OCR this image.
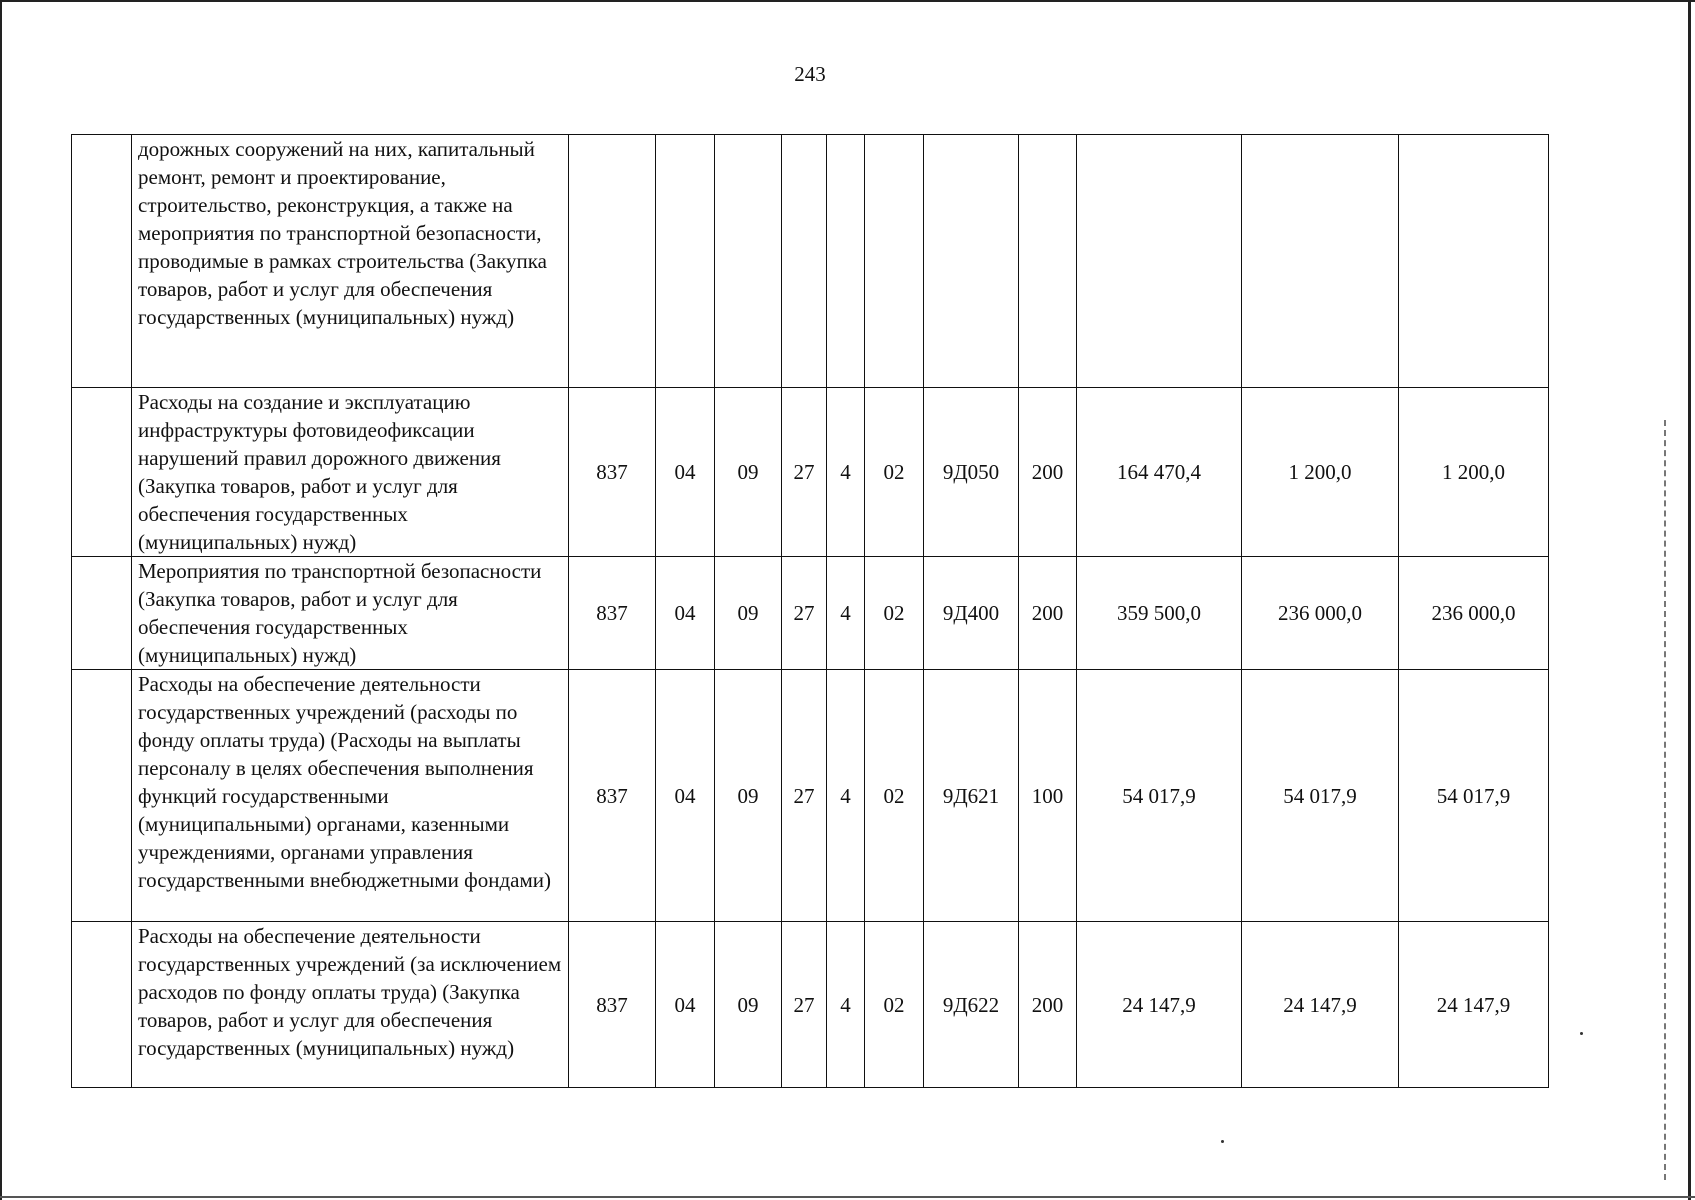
243

	дорожных сооружений на них, капитальный ремонт, ремонт и проектирование, строительство, реконструкция, а также на мероприятия по транспортной безопасности, проводимые в рамках строительства (Закупка товаров, работ и услуг для обеспечения государственных (муниципальных) нужд)											

	Расходы на создание и эксплуатацию инфраструктуры фотовидеофиксации нарушений правил дорожного движения (Закупка товаров, работ и услуг для обеспечения государственных (муниципальных) нужд)	837	04	09	27	4	02	9Д050	200	164 470,4	1 200,0	1 200,0

	Мероприятия по транспортной безопасности (Закупка товаров, работ и услуг для обеспечения государственных (муниципальных) нужд)	837	04	09	27	4	02	9Д400	200	359 500,0	236 000,0	236 000,0

	Расходы на обеспечение деятельности государственных учреждений (расходы по фонду оплаты труда) (Расходы на выплаты персоналу в целях обеспечения выполнения функций государственными (муниципальными) органами, казенными учреждениями, органами управления государственными внебюджетными фондами)	837	04	09	27	4	02	9Д621	100	54 017,9	54 017,9	54 017,9

	Расходы на обеспечение деятельности государственных учреждений (за исключением расходов по фонду оплаты труда) (Закупка товаров, работ и услуг для обеспечения государственных (муниципальных) нужд)	837	04	09	27	4	02	9Д622	200	24 147,9	24 147,9	24 147,9
